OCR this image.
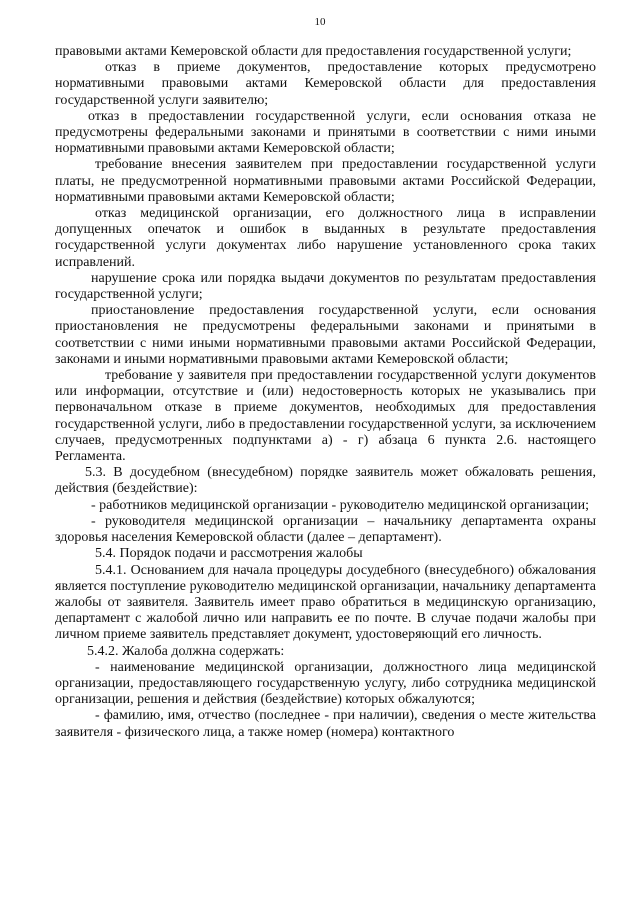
10

правовыми актами Кемеровской области для предоставления государственной услуги;

отказ в приеме документов, предоставление которых предусмотрено нормативными правовыми актами Кемеровской области для предоставления государственной услуги заявителю;

отказ в предоставлении государственной услуги, если основания отказа не предусмотрены федеральными законами и принятыми в соответствии с ними иными нормативными правовыми актами Кемеровской области;

требование внесения заявителем при предоставлении государственной услуги платы, не предусмотренной нормативными правовыми актами Российской Федерации, нормативными правовыми актами Кемеровской области;

отказ медицинской организации, его должностного лица в исправлении допущенных опечаток и ошибок в выданных в результате предоставления государственной услуги документах либо нарушение установленного срока таких исправлений.

нарушение срока или порядка выдачи документов по результатам предоставления государственной услуги;

приостановление предоставления государственной услуги, если основания приостановления не предусмотрены федеральными законами и принятыми в соответствии с ними иными нормативными правовыми актами Российской Федерации, законами и иными нормативными правовыми актами Кемеровской области;

требование у заявителя при предоставлении государственной услуги документов или информации, отсутствие и (или) недостоверность которых не указывались при первоначальном отказе в приеме документов, необходимых для предоставления государственной услуги, либо в предоставлении государственной услуги, за исключением случаев, предусмотренных подпунктами а) - г) абзаца 6 пункта 2.6. настоящего Регламента.

5.3. В досудебном (внесудебном) порядке заявитель может обжаловать решения, действия (бездействие):

- работников медицинской организации - руководителю медицинской организации;

- руководителя медицинской организации – начальнику департамента охраны здоровья населения Кемеровской области (далее – департамент).

5.4. Порядок подачи и рассмотрения жалобы

5.4.1. Основанием для начала процедуры досудебного (внесудебного) обжалования является поступление руководителю медицинской организации, начальнику департамента жалобы от заявителя. Заявитель имеет право обратиться в медицинскую организацию, департамент с жалобой лично или направить ее по почте. В случае подачи жалобы при личном приеме заявитель представляет документ, удостоверяющий его личность.

5.4.2. Жалоба должна содержать:

- наименование медицинской организации, должностного лица медицинской организации, предоставляющего государственную услугу, либо сотрудника медицинской организации, решения и действия (бездействие) которых обжалуются;

- фамилию, имя, отчество (последнее - при наличии), сведения о месте жительства заявителя - физического лица, а также номер (номера) контактного
